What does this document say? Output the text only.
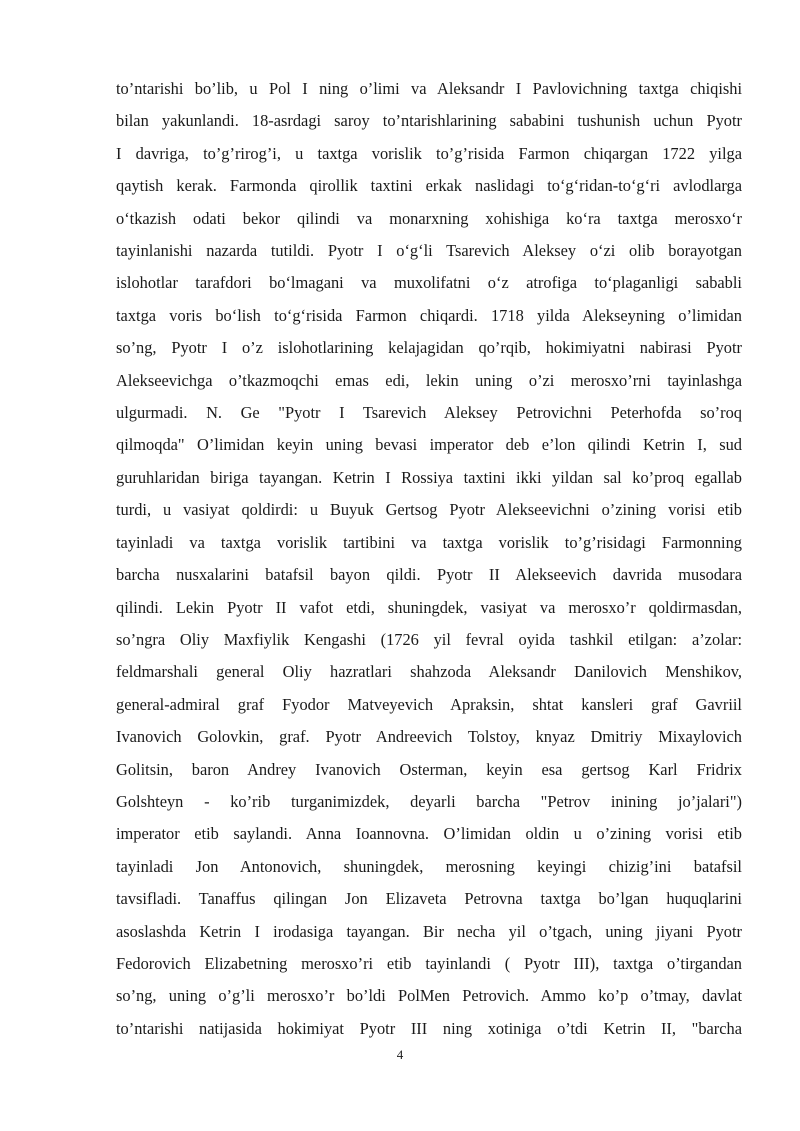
to’ntarishi bo’lib, u Pol I ning o’limi va Aleksandr I Pavlovichning taxtga chiqishi
bilan yakunlandi. 18-asrdagi saroy to’ntarishlarining sababini tushunish uchun Pyotr
I davriga, to’g’rirog’i, u taxtga vorislik to’g’risida Farmon chiqargan 1722 yilga
qaytish kerak. Farmonda qirollik taxtini erkak naslidagi to‘g‘ridan-to‘g‘ri avlodlarga
o‘tkazish odati bekor qilindi va monarxning xohishiga ko‘ra taxtga merosxo‘r
tayinlanishi nazarda tutildi. Pyotr I o‘g‘li Tsarevich Aleksey o‘zi olib borayotgan
islohotlar tarafdori bo‘lmagani va muxolifatni o‘z atrofiga to‘plaganligi sababli
taxtga voris bo‘lish to‘g‘risida Farmon chiqardi. 1718 yilda Alekseyning o’limidan
so’ng, Pyotr I o’z islohotlarining kelajagidan qo’rqib, hokimiyatni nabirasi Pyotr
Alekseevichga o’tkazmoqchi emas edi, lekin uning o’zi merosxo’rni tayinlashga
ulgurmadi. N. Ge "Pyotr I Tsarevich Aleksey Petrovichni Peterhofda so’roq
qilmoqda" O’limidan keyin uning bevasi imperator deb e’lon qilindi Ketrin I, sud
guruhlaridan biriga tayangan. Ketrin I Rossiya taxtini ikki yildan sal ko’proq egallab
turdi, u vasiyat qoldirdi: u Buyuk Gertsog Pyotr Alekseevichni o’zining vorisi etib
tayinladi va taxtga vorislik tartibini va taxtga vorislik to’g’risidagi Farmonning
barcha nusxalarini batafsil bayon qildi. Pyotr II Alekseevich davrida musodara
qilindi. Lekin Pyotr II vafot etdi, shuningdek, vasiyat va merosxo’r qoldirmasdan,
so’ngra Oliy Maxfiylik Kengashi (1726 yil fevral oyida tashkil etilgan: a’zolar:
feldmarshali general Oliy hazratlari shahzoda Aleksandr Danilovich Menshikov,
general-admiral graf Fyodor Matveyevich Apraksin, shtat kansleri graf Gavriil
Ivanovich Golovkin, graf. Pyotr Andreevich Tolstoy, knyaz Dmitriy Mixaylovich
Golitsin, baron Andrey Ivanovich Osterman, keyin esa gertsog Karl Fridrix
Golshteyn - ko’rib turganimizdek, deyarli barcha "Petrov inining jo’jalari")
imperator etib saylandi. Anna Ioannovna. O’limidan oldin u o’zining vorisi etib
tayinladi Jon Antonovich, shuningdek, merosning keyingi chizig’ini batafsil
tavsifladi. Tanaffus qilingan Jon Elizaveta Petrovna taxtga bo’lgan huquqlarini
asoslashda Ketrin I irodasiga tayangan. Bir necha yil o’tgach, uning jiyani Pyotr
Fedorovich Elizabetning merosxo’ri etib tayinlandi ( Pyotr III), taxtga o’tirgandan
so’ng, uning o’g’li merosxo’r bo’ldi PolMen Petrovich. Ammo ko’p o’tmay, davlat
to’ntarishi natijasida hokimiyat Pyotr III ning xotiniga o’tdi Ketrin II, "barcha

4
